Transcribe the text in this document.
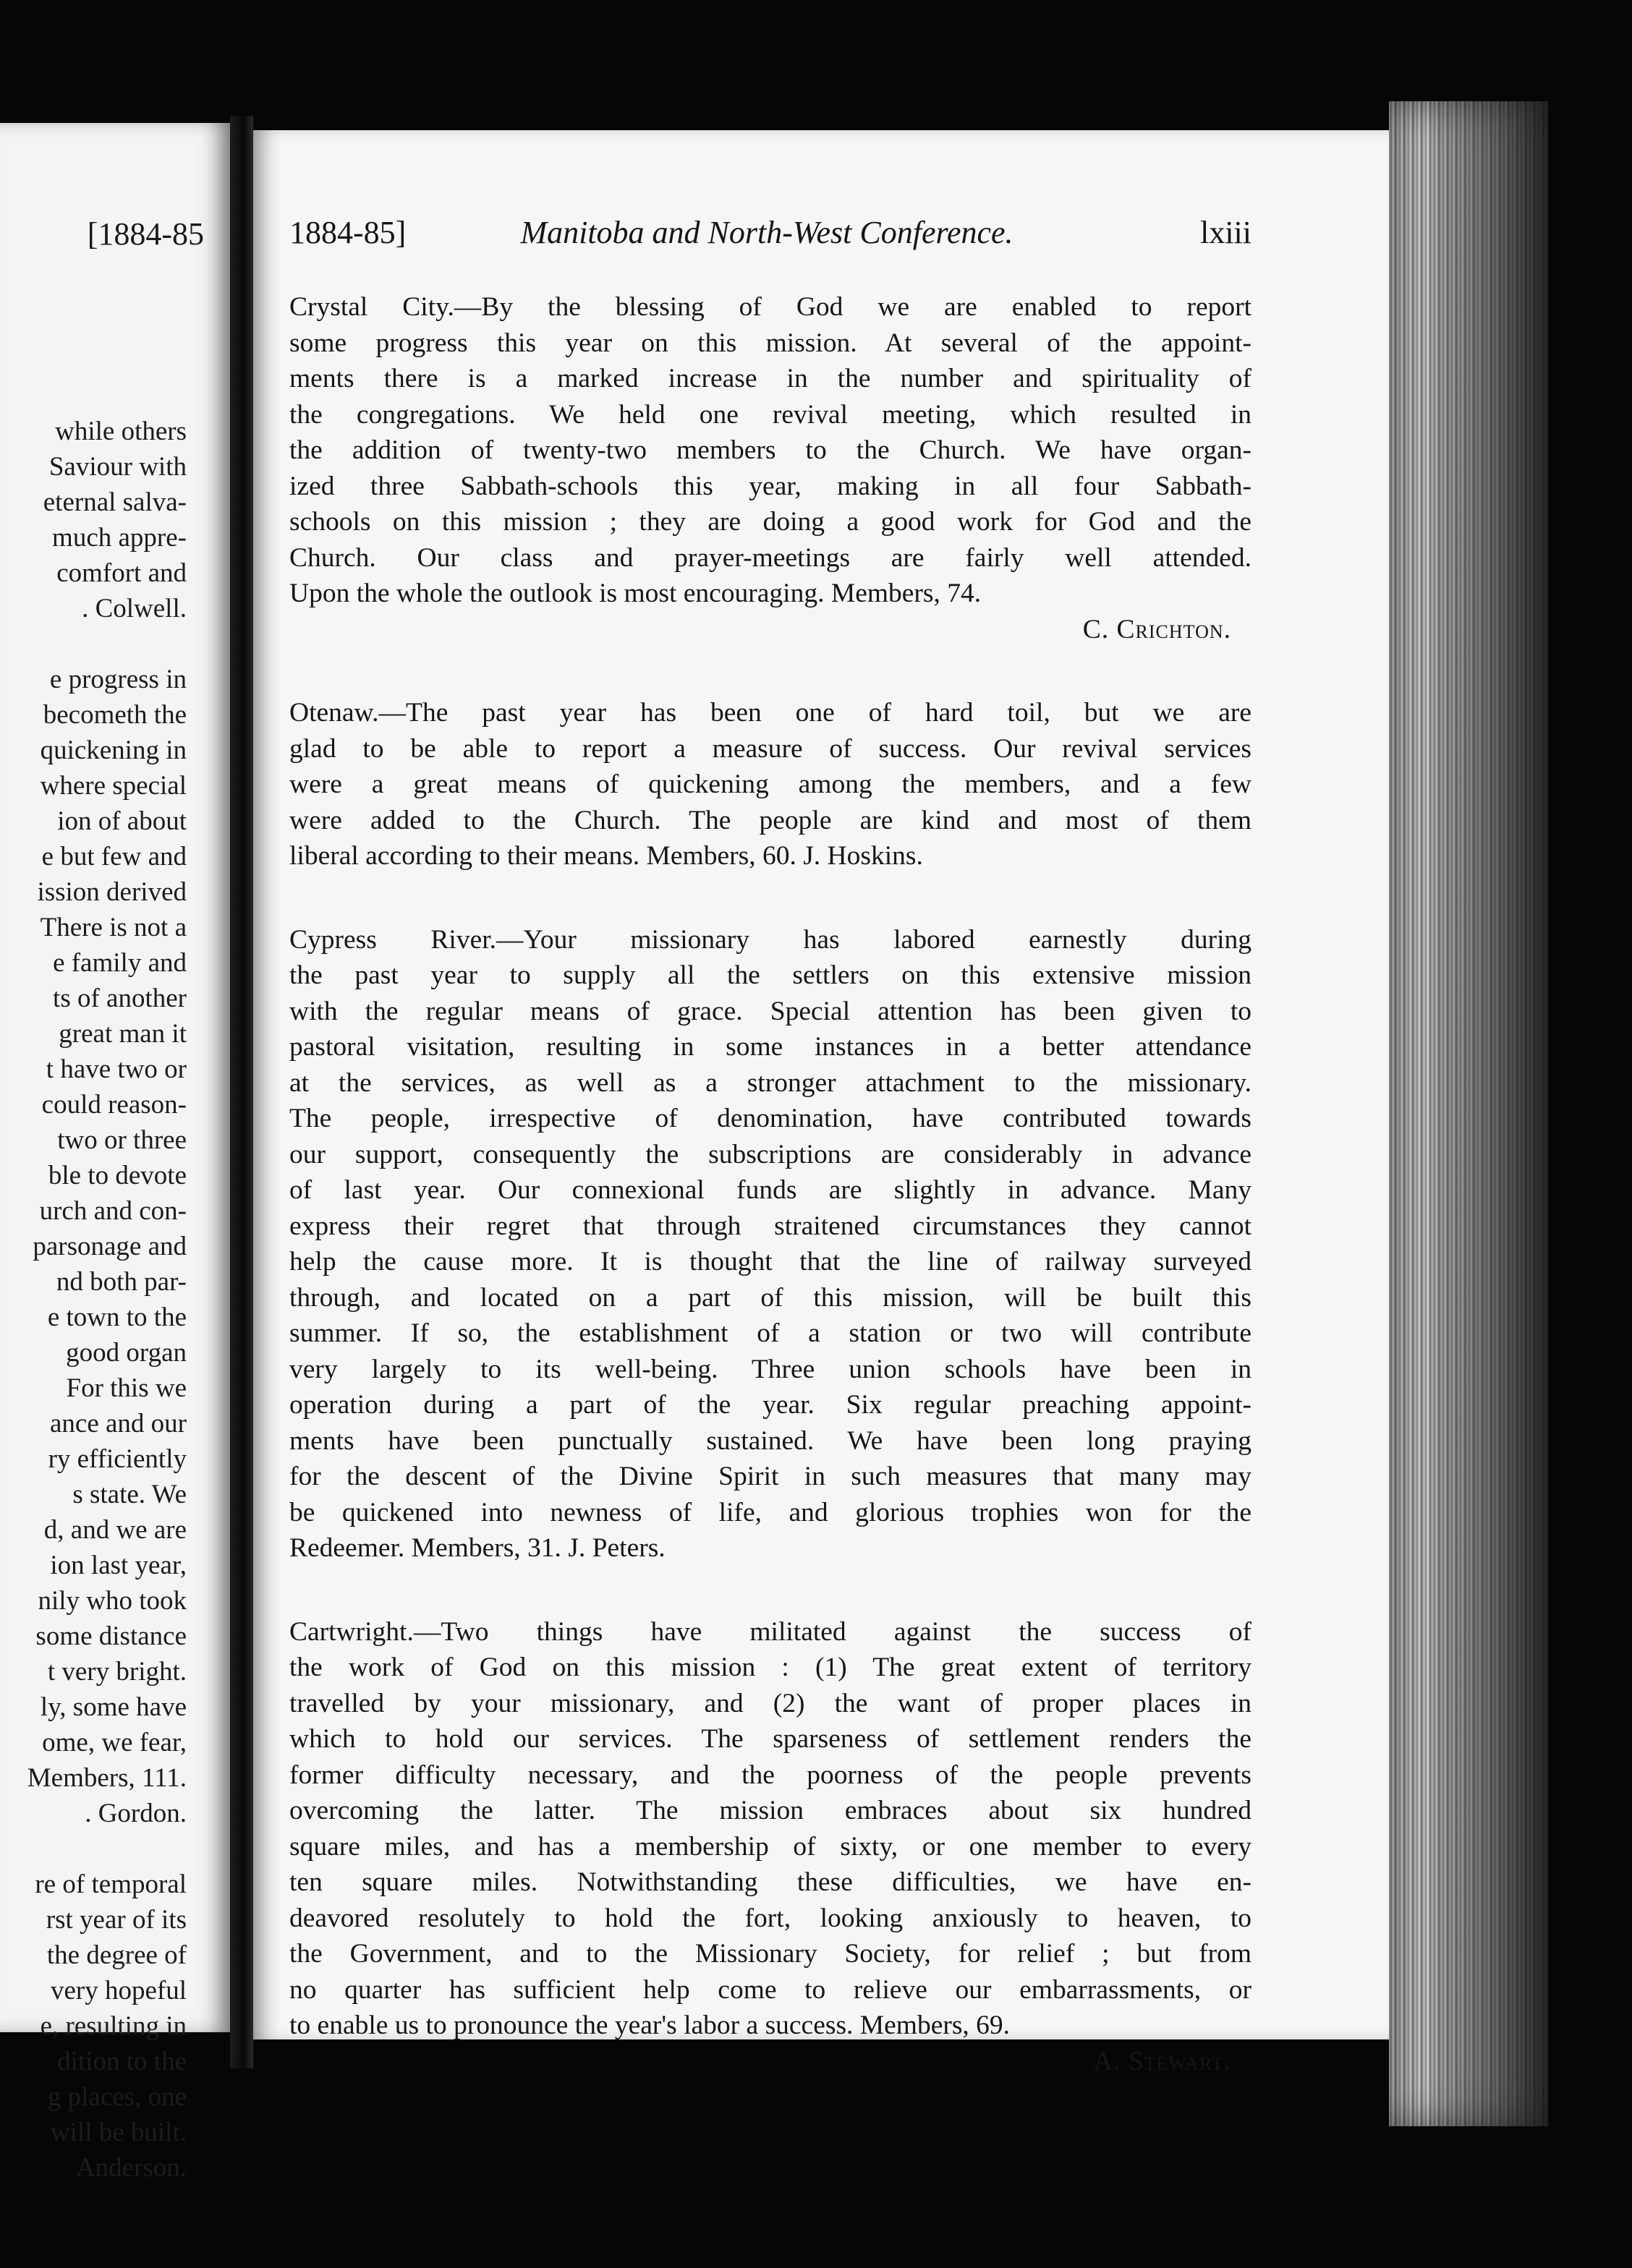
[1884-85
while others
Saviour with
eternal salva-
much appre-
comfort and
. Colwell.
e progress in
becometh the
quickening in
where special
ion of about
e but few and
ission derived
There is not a
e family and
ts of another
great man it
t have two or
could reason-
two or three
ble to devote
urch and con-
parsonage and
nd both par-
e town to the
good organ
For this we
ance and our
ry efficiently
s state. We
d, and we are
ion last year,
nily who took
some distance
t very bright.
ly, some have
ome, we fear,
Members, 111.
. Gordon.
re of temporal
rst year of its
the degree of
very hopeful
e, resulting in
dition to the
g places, one
will be built.
Anderson.
1884-85]	Manitoba and North-West Conference.	lxiii
Crystal City.—By the blessing of God we are enabled to report
some progress this year on this mission. At several of the appoint-
ments there is a marked increase in the number and spirituality of
the congregations. We held one revival meeting, which resulted in
the addition of twenty-two members to the Church. We have organ-
ized three Sabbath-schools this year, making in all four Sabbath-
schools on this mission ; they are doing a good work for God and the
Church. Our class and prayer-meetings are fairly well attended.
Upon the whole the outlook is most encouraging. Members, 74.
C. Crichton.
Otenaw.—The past year has been one of hard toil, but we are
glad to be able to report a measure of success. Our revival services
were a great means of quickening among the members, and a few
were added to the Church. The people are kind and most of them
liberal according to their means. Members, 60. J. Hoskins.
Cypress River.—Your missionary has labored earnestly during
the past year to supply all the settlers on this extensive mission
with the regular means of grace. Special attention has been given to
pastoral visitation, resulting in some instances in a better attendance
at the services, as well as a stronger attachment to the missionary.
The people, irrespective of denomination, have contributed towards
our support, consequently the subscriptions are considerably in advance
of last year. Our connexional funds are slightly in advance. Many
express their regret that through straitened circumstances they cannot
help the cause more. It is thought that the line of railway surveyed
through, and located on a part of this mission, will be built this
summer. If so, the establishment of a station or two will contribute
very largely to its well-being. Three union schools have been in
operation during a part of the year. Six regular preaching appoint-
ments have been punctually sustained. We have been long praying
for the descent of the Divine Spirit in such measures that many may
be quickened into newness of life, and glorious trophies won for the
Redeemer. Members, 31. J. Peters.
Cartwright.—Two things have militated against the success of
the work of God on this mission : (1) The great extent of territory
travelled by your missionary, and (2) the want of proper places in
which to hold our services. The sparseness of settlement renders the
former difficulty necessary, and the poorness of the people prevents
overcoming the latter. The mission embraces about six hundred
square miles, and has a membership of sixty, or one member to every
ten square miles. Notwithstanding these difficulties, we have en-
deavored resolutely to hold the fort, looking anxiously to heaven, to
the Government, and to the Missionary Society, for relief ; but from
no quarter has sufficient help come to relieve our embarrassments, or
to enable us to pronounce the year's labor a success. Members, 69.
A. Stewart.
